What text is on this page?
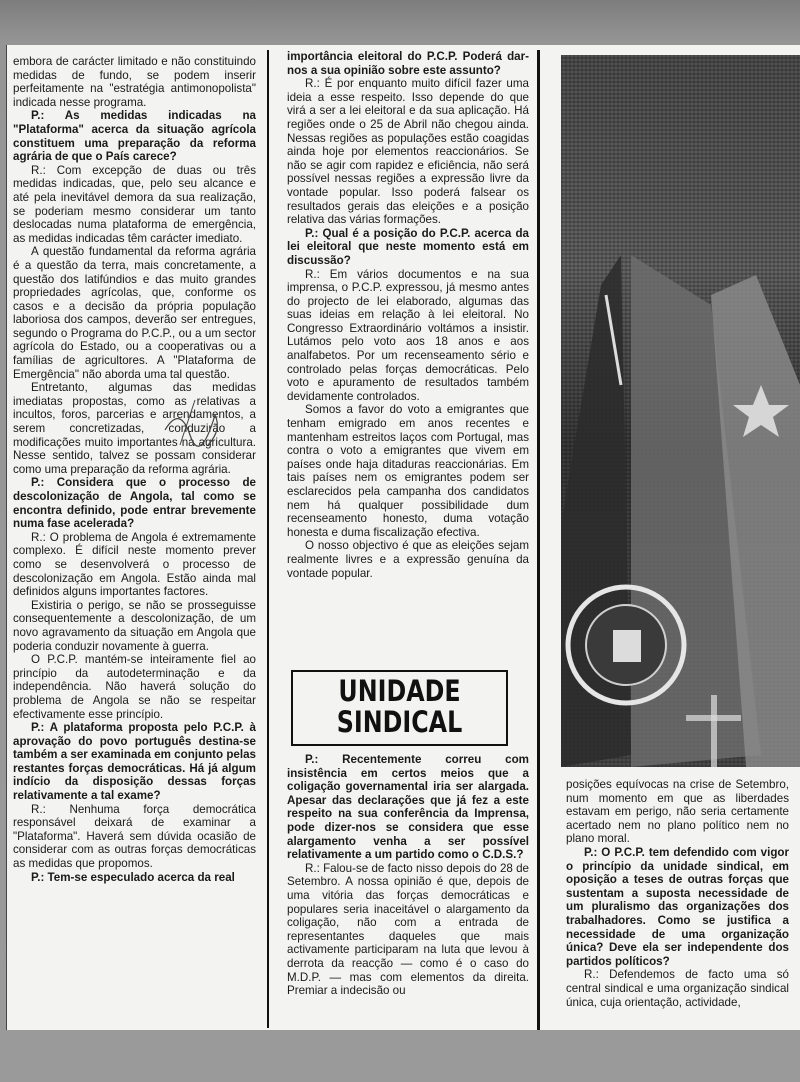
embora de carácter limitado e não constituindo medidas de fundo, se podem inserir perfeitamente na "estratégia antimonopolista" indicada nesse programa.

P.: As medidas indicadas na "Plataforma" acerca da situação agrícola constituem uma preparação da reforma agrária de que o País carece?

R.: Com excepção de duas ou três medidas indicadas, que, pelo seu alcance e até pela inevitável demora da sua realização, se poderiam mesmo considerar um tanto deslocadas numa plataforma de emergência, as medidas indicadas têm carácter imediato.

A questão fundamental da reforma agrária é a questão da terra, mais concretamente, a questão dos latifúndios e das muito grandes propriedades agrícolas, que, conforme os casos e a decisão da própria população laboriosa dos campos, deverão ser entregues, segundo o Programa do P.C.P., ou a um sector agrícola do Estado, ou a cooperativas ou a famílias de agricultores. A "Plataforma de Emergência" não aborda uma tal questão.

Entretanto, algumas das medidas imediatas propostas, como as relativas a incultos, foros, parcerias e arrendamentos, a serem concretizadas, conduzirão a modificações muito importantes na agricultura. Nesse sentido, talvez se possam considerar como uma preparação da reforma agrária.

P.: Considera que o processo de descolonização de Angola, tal como se encontra definido, pode entrar brevemente numa fase acelerada?

R.: O problema de Angola é extremamente complexo. É difícil neste momento prever como se desenvolverá o processo de descolonização em Angola. Estão ainda mal definidos alguns importantes factores.

Existiria o perigo, se não se prosseguisse consequentemente a descolonização, de um novo agravamento da situação em Angola que poderia conduzir novamente à guerra.

O P.C.P. mantém-se inteiramente fiel ao princípio da autodeterminação e da independência. Não haverá solução do problema de Angola se não se respeitar efectivamente esse princípio.

P.: A plataforma proposta pelo P.C.P. à aprovação do povo português destina-se também a ser examinada em conjunto pelas restantes forças democráticas. Há já algum indício da disposição dessas forças relativamente a tal exame?

R.: Nenhuma força democrática responsável deixará de examinar a "Plataforma". Haverá sem dúvida ocasião de considerar com as outras forças democráticas as medidas que propomos.

P.: Tem-se especulado acerca da real

importância eleitoral do P.C.P. Poderá dar-nos a sua opinião sobre este assunto?

R.: É por enquanto muito difícil fazer uma ideia a esse respeito. Isso depende do que virá a ser a lei eleitoral e da sua aplicação. Há regiões onde o 25 de Abril não chegou ainda. Nessas regiões as populações estão coagidas ainda hoje por elementos reaccionários. Se não se agir com rapidez e eficiência, não será possível nessas regiões a expressão livre da vontade popular. Isso poderá falsear os resultados gerais das eleições e a posição relativa das várias formações.

P.: Qual é a posição do P.C.P. acerca da lei eleitoral que neste momento está em discussão?

R.: Em vários documentos e na sua imprensa, o P.C.P. expressou, já mesmo antes do projecto de lei elaborado, algumas das suas ideias em relação à lei eleitoral. No Congresso Extraordinário voltámos a insistir. Lutámos pelo voto aos 18 anos e aos analfabetos. Por um recenseamento sério e controlado pelas forças democráticas. Pelo voto e apuramento de resultados também devidamente controlados.

Somos a favor do voto a emigrantes que tenham emigrado em anos recentes e mantenham estreitos laços com Portugal, mas contra o voto a emigrantes que vivem em países onde haja ditaduras reaccionárias. Em tais países nem os emigrantes podem ser esclarecidos pela campanha dos candidatos nem há qualquer possibilidade dum recenseamento honesto, duma votação honesta e duma fiscalização efectiva.

O nosso objectivo é que as eleições sejam realmente livres e a expressão genuína da vontade popular.

UNIDADE
SINDICAL

P.: Recentemente correu com insistência em certos meios que a coligação governamental iria ser alargada. Apesar das declarações que já fez a este respeito na sua conferência da Imprensa, pode dizer-nos se considera que esse alargamento venha a ser possível relativamente a um partido como o C.D.S.?

R.: Falou-se de facto nisso depois do 28 de Setembro. A nossa opinião é que, depois de uma vitória das forças democráticas e populares seria inaceitável o alargamento da coligação, não com a entrada de representantes daqueles que mais activamente participaram na luta que levou à derrota da reacção — como é o caso do M.D.P. — mas com elementos da direita. Premiar a indecisão ou

posições equívocas na crise de Setembro, num momento em que as liberdades estavam em perigo, não seria certamente acertado nem no plano político nem no plano moral.

P.: O P.C.P. tem defendido com vigor o princípio da unidade sindical, em oposição a teses de outras forças que sustentam a suposta necessidade de um pluralismo das organizações dos trabalhadores. Como se justifica a necessidade de uma organização única? Deve ela ser independente dos partidos políticos?

R.: Defendemos de facto uma só central sindical e uma organização sindical única, cuja orientação, actividade,
